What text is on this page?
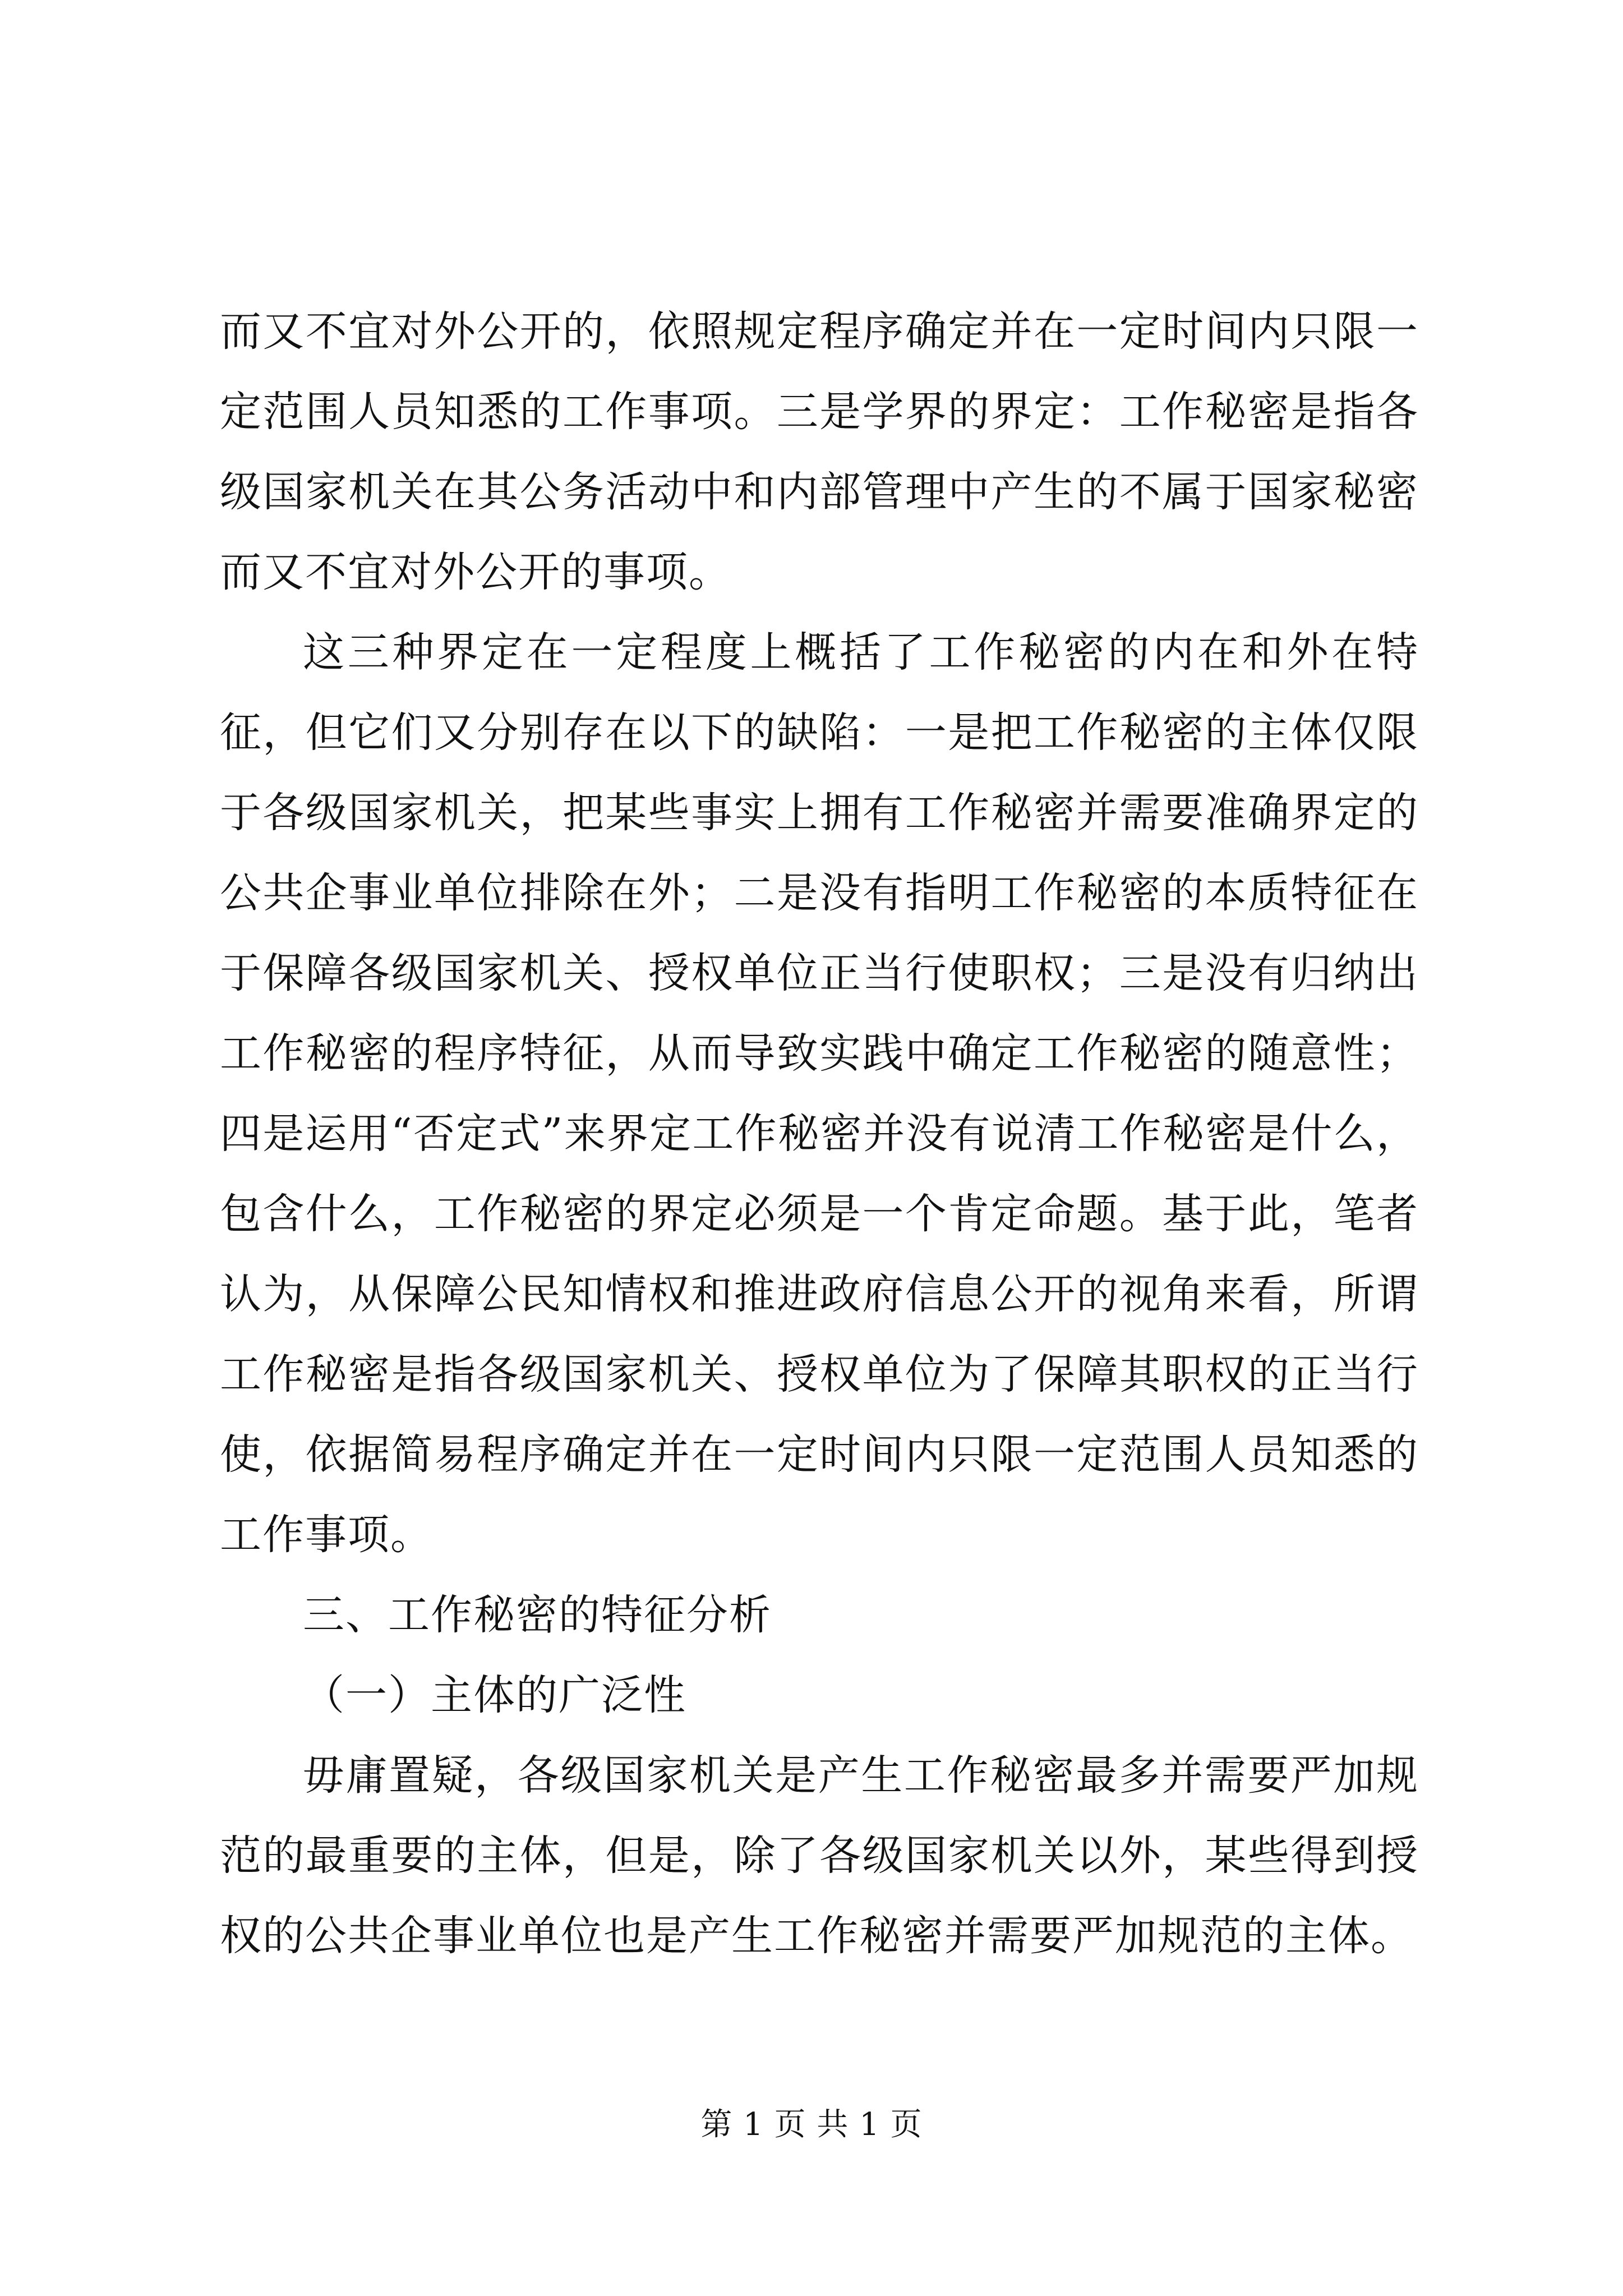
而又不宜对外公开的，依照规定程序确定并在一定时间内只限一定范围人员知悉的工作事项。三是学界的界定：工作秘密是指各级国家机关在其公务活动中和内部管理中产生的不属于国家秘密而又不宜对外公开的事项。

这三种界定在一定程度上概括了工作秘密的内在和外在特征，但它们又分别存在以下的缺陷：一是把工作秘密的主体仅限于各级国家机关，把某些事实上拥有工作秘密并需要准确界定的公共企事业单位排除在外；二是没有指明工作秘密的本质特征在于保障各级国家机关、授权单位正当行使职权；三是没有归纳出工作秘密的程序特征，从而导致实践中确定工作秘密的随意性；四是运用“否定式”来界定工作秘密并没有说清工作秘密是什么，包含什么，工作秘密的界定必须是一个肯定命题。基于此，笔者认为，从保障公民知情权和推进政府信息公开的视角来看，所谓工作秘密是指各级国家机关、授权单位为了保障其职权的正当行使，依据简易程序确定并在一定时间内只限一定范围人员知悉的工作事项。

三、工作秘密的特征分析

（一）主体的广泛性

毋庸置疑，各级国家机关是产生工作秘密最多并需要严加规范的最重要的主体，但是，除了各级国家机关以外，某些得到授权的公共企事业单位也是产生工作秘密并需要严加规范的主体。

第 1 页 共 1 页
